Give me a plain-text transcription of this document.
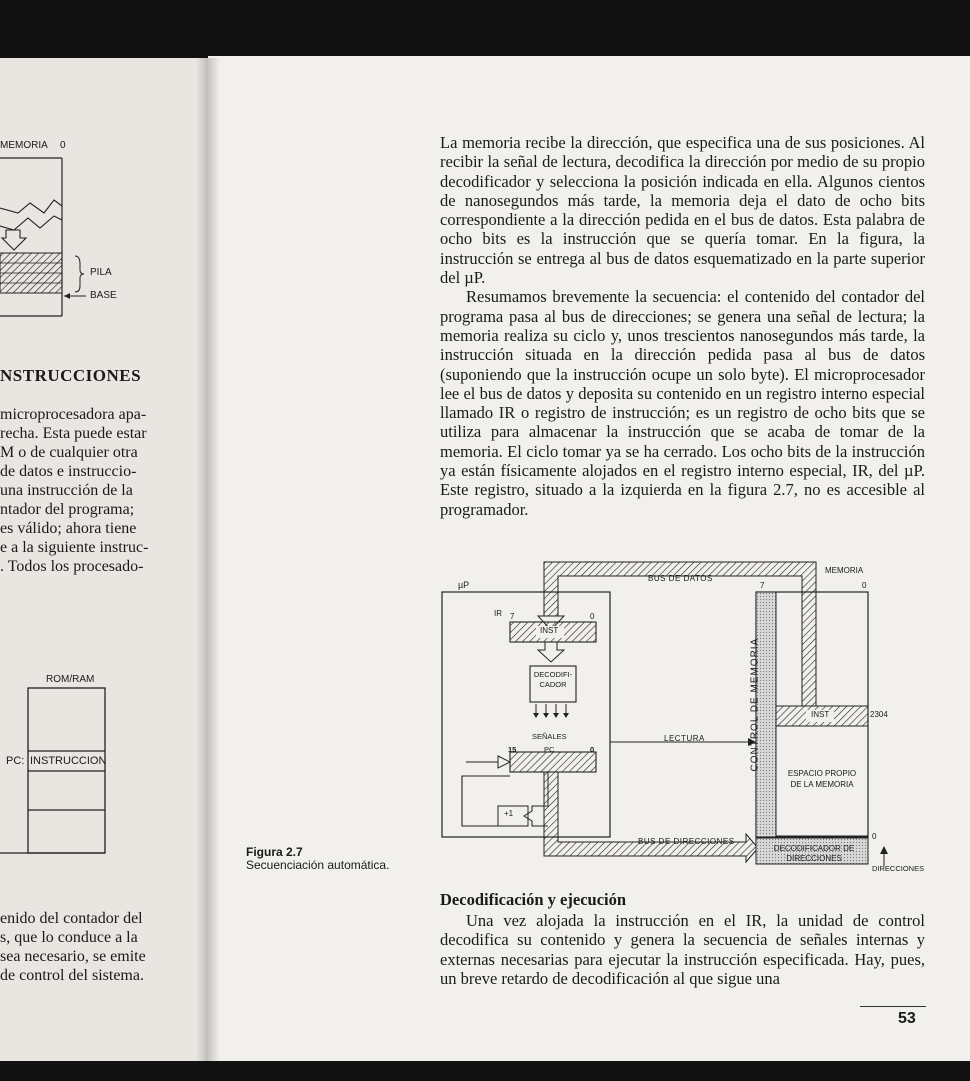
MEMORIA 0
PILA
BASE
NSTRUCCIONES
microprocesadora apa-
recha. Esta puede estar
M o de cualquier otra
de datos e instruccio-
una instrucción de la
ntador del programa;
es válido; ahora tiene
e a la siguiente instruc-
. Todos los procesado-
ROM/RAM
PC: INSTRUCCION
enido del contador del
s, que lo conduce a la
sea necesario, se emite
de control del sistema.

La memoria recibe la dirección, que especifica una de sus posiciones. Al recibir la señal de lectura, decodifica la dirección por medio de su propio decodificador y selecciona la posición indicada en ella. Algunos cientos de nanosegundos más tarde, la memoria deja el dato de ocho bits correspondiente a la dirección pedida en el bus de datos. Esta palabra de ocho bits es la instrucción que se quería tomar. En la figura, la instrucción se entrega al bus de datos esquematizado en la parte superior del µP.

Resumamos brevemente la secuencia: el contenido del contador del programa pasa al bus de direcciones; se genera una señal de lectura; la memoria realiza su ciclo y, unos trescientos nanosegundos más tarde, la instrucción situada en la dirección pedida pasa al bus de datos (suponiendo que la instrucción ocupe un solo byte). El microprocesador lee el bus de datos y deposita su contenido en un registro interno especial llamado IR o registro de instrucción; es un registro de ocho bits que se utiliza para almacenar la instrucción que se acaba de tomar de la memoria. El ciclo tomar ya se ha cerrado. Los ocho bits de la instrucción ya están físicamente alojados en el registro interno especial, IR, del µP. Este registro, situado a la izquierda en la figura 2.7, no es accesible al programador.

µP
BUS DE DATOS
MEMORIA
7	0
IR 7	0
INST
DECODIFI-
CADOR
SEÑALES
15	PC	0
LECTURA	CONTROL DE MEMORIA	INST	2304
ESPACIO PROPIO
DE LA MEMORIA
+1
BUS DE DIRECCIONES
DECODIFICADOR DE
DIRECCIONES
0
DIRECCIONES
Figura 2.7
Secuenciación automática.
Decodificación y ejecución

Una vez alojada la instrucción en el IR, la unidad de control decodifica su contenido y genera la secuencia de señales internas y externas necesarias para ejecutar la instrucción especificada. Hay, pues, un breve retardo de decodificación al que sigue una

53
